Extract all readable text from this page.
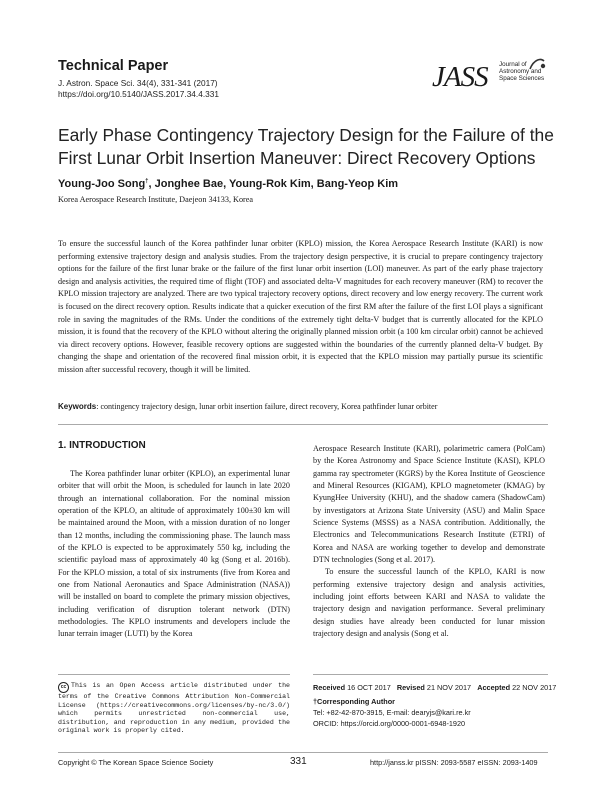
Technical Paper
J. Astron. Space Sci. 34(4), 331-341 (2017)
https://doi.org/10.5140/JASS.2017.34.4.331
JASS Journal of
Astronomy and
Space Sciences
Early Phase Contingency Trajectory Design for the Failure of the First Lunar Orbit Insertion Maneuver: Direct Recovery Options
Young-Joo Song†, Jonghee Bae, Young-Rok Kim, Bang-Yeop Kim
Korea Aerospace Research Institute, Daejeon 34133, Korea
To ensure the successful launch of the Korea pathfinder lunar orbiter (KPLO) mission, the Korea Aerospace Research Institute (KARI) is now performing extensive trajectory design and analysis studies. From the trajectory design perspective, it is crucial to prepare contingency trajectory options for the failure of the first lunar brake or the failure of the first lunar orbit insertion (LOI) maneuver. As part of the early phase trajectory design and analysis activities, the required time of flight (TOF) and associated delta-V magnitudes for each recovery maneuver (RM) to recover the KPLO mission trajectory are analyzed. There are two typical trajectory recovery options, direct recovery and low energy recovery. The current work is focused on the direct recovery option. Results indicate that a quicker execution of the first RM after the failure of the first LOI plays a significant role in saving the magnitudes of the RMs. Under the conditions of the extremely tight delta-V budget that is currently allocated for the KPLO mission, it is found that the recovery of the KPLO without altering the originally planned mission orbit (a 100 km circular orbit) cannot be achieved via direct recovery options. However, feasible recovery options are suggested within the boundaries of the currently planned delta-V budget. By changing the shape and orientation of the recovered final mission orbit, it is expected that the KPLO mission may partially pursue its scientific mission after successful recovery, though it will be limited.
Keywords: contingency trajectory design, lunar orbit insertion failure, direct recovery, Korea pathfinder lunar orbiter
1. INTRODUCTION

The Korea pathfinder lunar orbiter (KPLO), an experimental lunar orbiter that will orbit the Moon, is scheduled for launch in late 2020 through an international collaboration. For the nominal mission operation of the KPLO, an altitude of approximately 100±30 km will be maintained around the Moon, with a mission duration of no longer than 12 months, including the commissioning phase. The launch mass of the KPLO is expected to be approximately 550 kg, including the scientific payload mass of approximately 40 kg (Song et al. 2016b). For the KPLO mission, a total of six instruments (five from Korea and one from National Aeronautics and Space Administration (NASA)) will be installed on board to complete the primary mission objectives, including verification of disruption tolerant network (DTN) methodologies. The KPLO instruments and developers include the lunar terrain imager (LUTI) by the Korea

Aerospace Research Institute (KARI), polarimetric camera (PolCam) by the Korea Astronomy and Space Science Institute (KASI), KPLO gamma ray spectrometer (KGRS) by the Korea Institute of Geoscience and Mineral Resources (KIGAM), KPLO magnetometer (KMAG) by KyungHee University (KHU), and the shadow camera (ShadowCam) by investigators at Arizona State University (ASU) and Malin Space Science Systems (MSSS) as a NASA contribution. Additionally, the Electronics and Telecommunications Research Institute (ETRI) of Korea and NASA are working together to develop and demonstrate DTN technologies (Song et al. 2017).

To ensure the successful launch of the KPLO, KARI is now performing extensive trajectory design and analysis activities, including joint efforts between KARI and NASA to validate the trajectory design and navigation performance. Several preliminary design studies have already been conducted for lunar mission trajectory design and analysis (Song et al.

cc This is an Open Access article distributed under the terms of the Creative Commons Attribution Non-Commercial License (https://creativecommons.org/licenses/by-nc/3.0/) which permits unrestricted non-commercial use, distribution, and reproduction in any medium, provided the original work is properly cited.
Received 16 OCT 2017 Revised 21 NOV 2017 Accepted 22 NOV 2017
†Corresponding Author
Tel: +82-42-870-3915, E-mail: dearyjs@kari.re.kr
ORCID: https://orcid.org/0000-0001-6948-1920
Copyright © The Korean Space Science Society	331	http://janss.kr pISSN: 2093-5587 eISSN: 2093-1409
